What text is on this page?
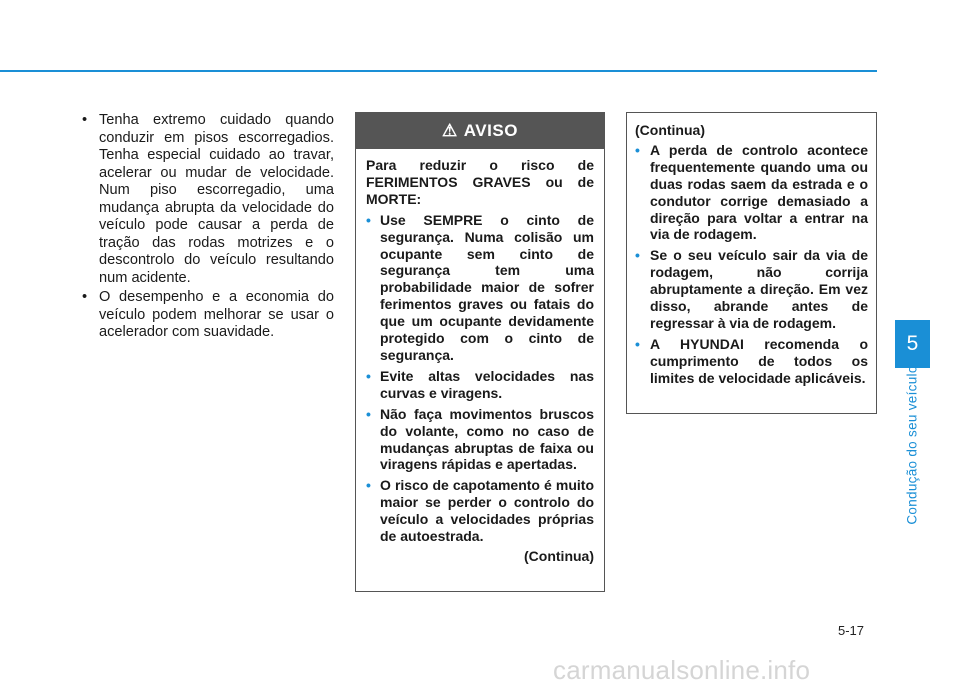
• Tenha extremo cuidado quando conduzir em pisos escorregadios. Tenha especial cuidado ao travar, acelerar ou mudar de velocidade. Num piso escorregadio, uma mudança abrupta da velocidade do veículo pode causar a perda de tração das rodas motrizes e o descontrolo do veículo resultando num acidente.
• O desempenho e a economia do veículo podem melhorar se usar o acelerador com suavidade.
⚠ AVISO
Para reduzir o risco de FERIMENTOS GRAVES ou de MORTE:
• Use SEMPRE o cinto de segurança. Numa colisão um ocupante sem cinto de segurança tem uma probabilidade maior de sofrer ferimentos graves ou fatais do que um ocupante devidamente protegido com o cinto de segurança.
• Evite altas velocidades nas curvas e viragens.
• Não faça movimentos bruscos do volante, como no caso de mudanças abruptas de faixa ou viragens rápidas e apertadas.
• O risco de capotamento é muito maior se perder o controlo do veículo a velocidades próprias de autoestrada.
(Continua)
(Continua)
• A perda de controlo acontece frequentemente quando uma ou duas rodas saem da estrada e o condutor corrige demasiado a direção para voltar a entrar na via de rodagem.
• Se o seu veículo sair da via de rodagem, não corrija abruptamente a direção. Em vez disso, abrande antes de regressar à via de rodagem.
• A HYUNDAI recomenda o cumprimento de todos os limites de velocidade aplicáveis.
5
Condução do seu veículo
5-17
carmanualsonline.info
